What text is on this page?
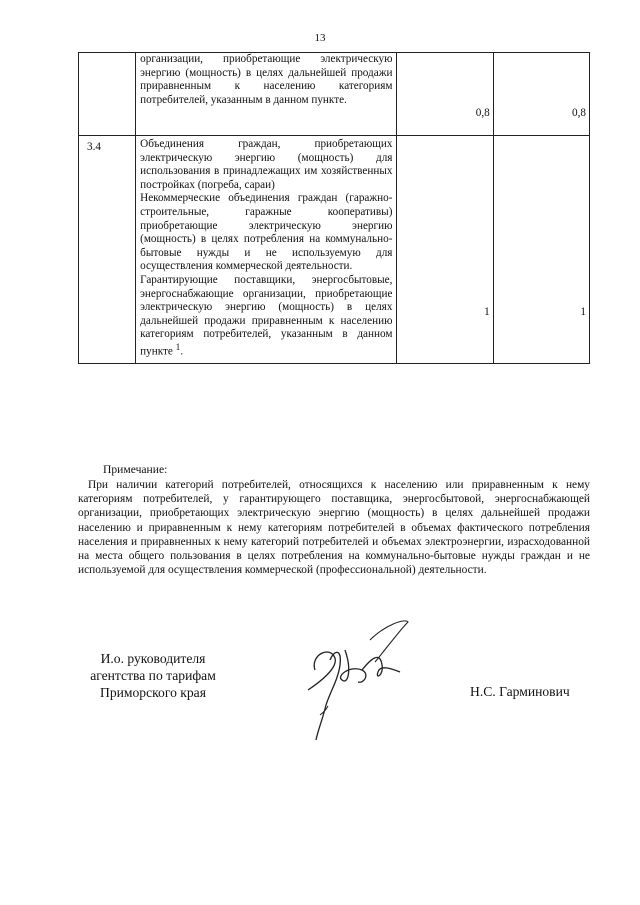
13

	организации, приобретающие электрическую энергию (мощность) в целях дальнейшей продажи приравненным к населению категориям потребителей, указанным в данном пункте.	0,8	0,8

3.4	Объединения граждан, приобретающих электрическую энергию (мощность) для использования в принадлежащих им хозяйственных постройках (погреба, сараи)
Некоммерческие объединения граждан (гаражно-строительные, гаражные кооперативы) приобретающие электрическую энергию (мощность) в целях потребления на коммунально-бытовые нужды и не используемую для осуществления коммерческой деятельности.
Гарантирующие поставщики, энергосбытовые, энергоснабжающие организации, приобретающие электрическую энергию (мощность) в целях дальнейшей продажи приравненным к населению категориям потребителей, указанным в данном пункте $^1$.	1	1
Примечание:
При наличии категорий потребителей, относящихся к населению или приравненным к нему категориям потребителей, у гарантирующего поставщика, энергосбытовой, энергоснабжающей организации, приобретающих электрическую энергию (мощность) в целях дальнейшей продажи населению и приравненным к нему категориям потребителей в объемах фактического потребления населения и приравненных к нему категорий потребителей и объемах электроэнергии, израсходованной на места общего пользования в целях потребления на коммунально-бытовые нужды граждан и не используемой для осуществления коммерческой (профессиональной) деятельности.
И.о. руководителя
агентства по тарифам
Приморского края	Н.С. Гарминович
